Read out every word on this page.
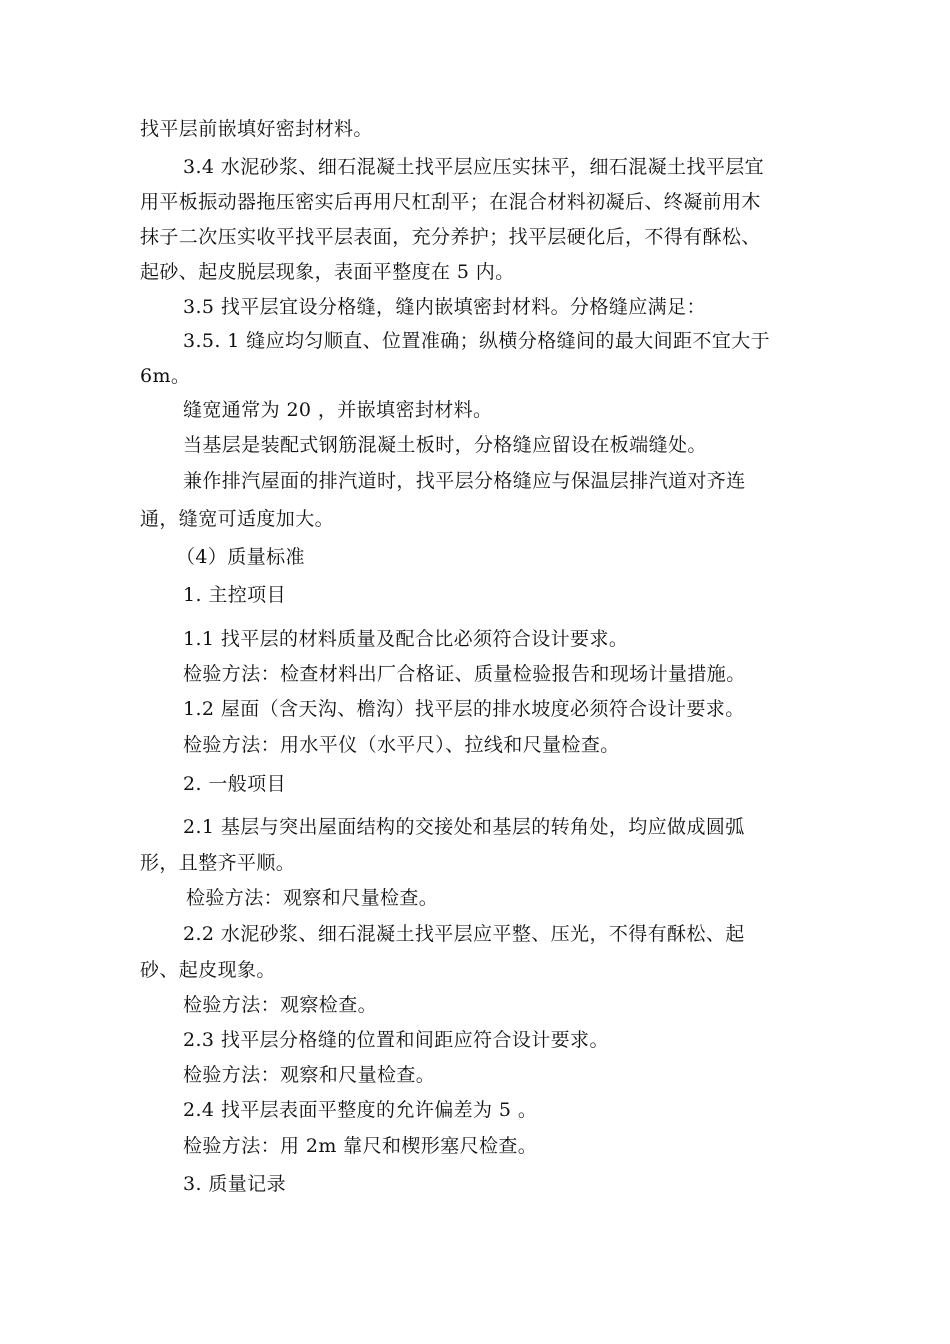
找平层前嵌填好密封材料。
3.4 水泥砂浆、细石混凝土找平层应压实抹平，细石混凝土找平层宜
用平板振动器拖压密实后再用尺杠刮平；在混合材料初凝后、终凝前用木
抹子二次压实收平找平层表面，充分养护；找平层硬化后，不得有酥松、
起砂、起皮脱层现象，表面平整度在 5 内。
3.5 找平层宜设分格缝，缝内嵌填密封材料。分格缝应满足：
3.5. 1 缝应均匀顺直、位置准确；纵横分格缝间的最大间距不宜大于
6m。
缝宽通常为 20 ，并嵌填密封材料。
当基层是装配式钢筋混凝土板时，分格缝应留设在板端缝处。
兼作排汽屋面的排汽道时，找平层分格缝应与保温层排汽道对齐连
通，缝宽可适度加大。
（4）质量标准
1. 主控项目
1.1 找平层的材料质量及配合比必须符合设计要求。
检验方法：检查材料出厂合格证、质量检验报告和现场计量措施。
1.2 屋面（含天沟、檐沟）找平层的排水坡度必须符合设计要求。
检验方法：用水平仪（水平尺）、拉线和尺量检查。
2. 一般项目
2.1 基层与突出屋面结构的交接处和基层的转角处，均应做成圆弧
形，且整齐平顺。
检验方法：观察和尺量检查。
2.2 水泥砂浆、细石混凝土找平层应平整、压光，不得有酥松、起
砂、起皮现象。
检验方法：观察检查。
2.3 找平层分格缝的位置和间距应符合设计要求。
检验方法：观察和尺量检查。
2.4 找平层表面平整度的允许偏差为 5 。
检验方法：用 2m 靠尺和楔形塞尺检查。
3. 质量记录
